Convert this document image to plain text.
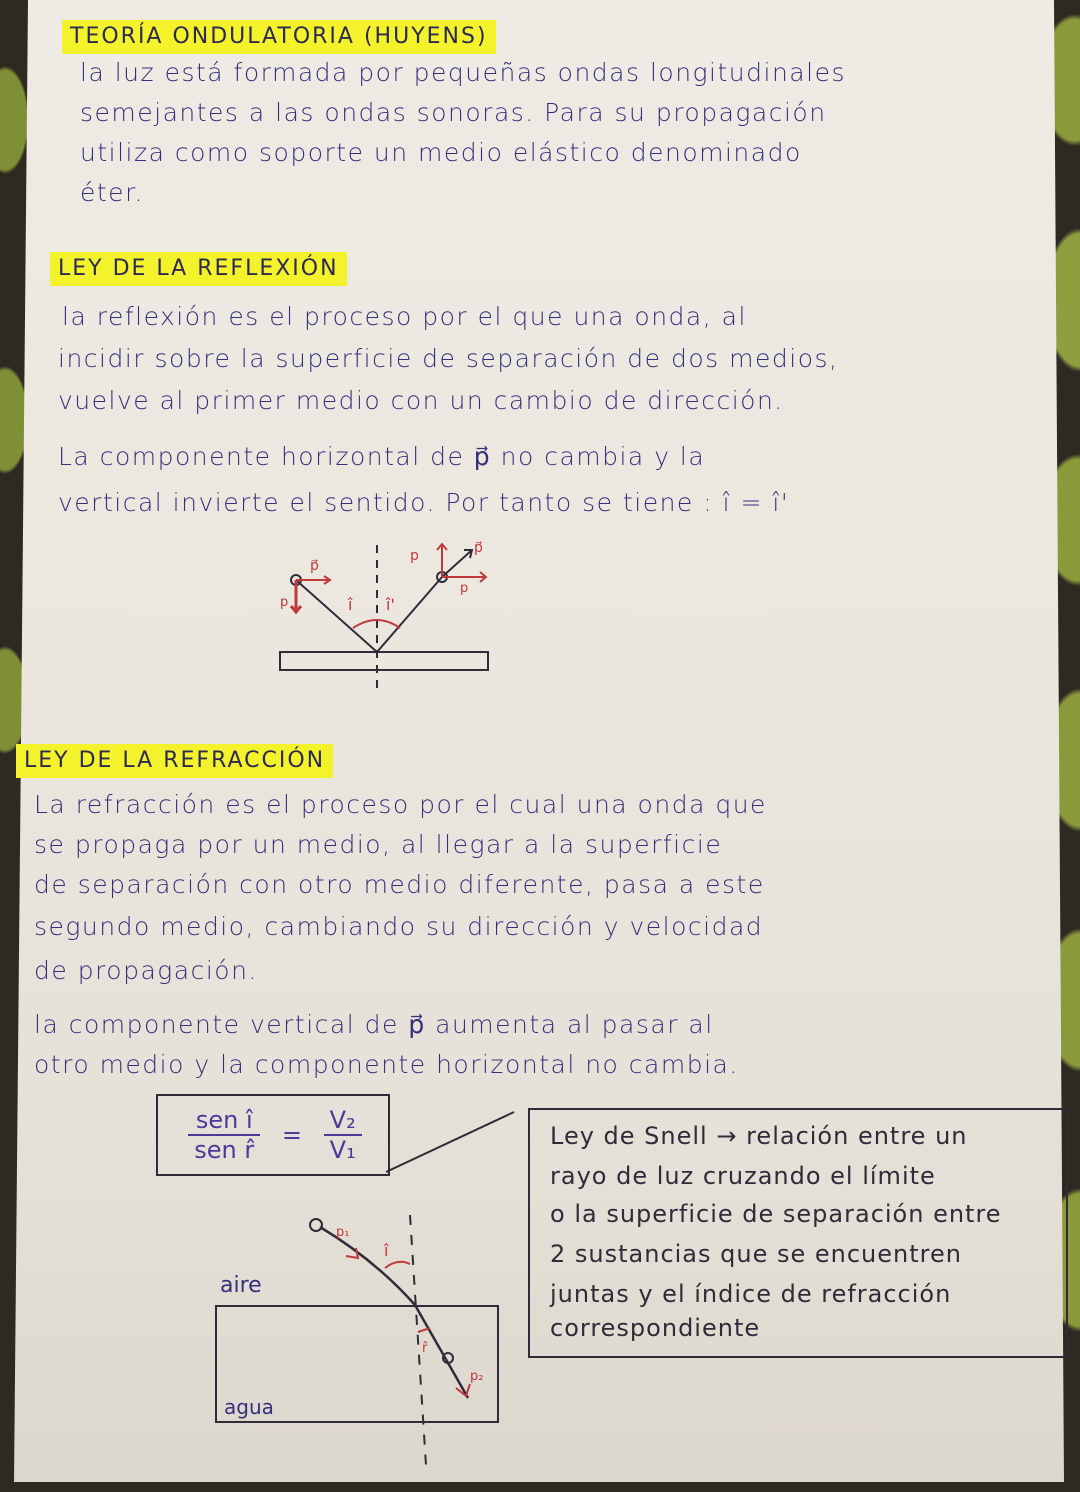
TEORÍA ONDULATORIA (HUYENS)
la luz está formada por pequeñas ondas longitudinales
semejantes a las ondas sonoras. Para su propagación
utiliza como soporte un medio elástico denominado
éter.
LEY DE LA REFLEXIÓN
la reflexión es el proceso por el que una onda, al
incidir sobre la superficie de separación de dos medios,
vuelve al primer medio con un cambio de dirección.
La componente horizontal de p⃗ no cambia y la
vertical invierte el sentido. Por tanto se tiene : î = î'
p⃗
p
p	p⃗
p
î î'
LEY DE LA REFRACCIÓN
La refracción es el proceso por el cual una onda que
se propaga por un medio, al llegar a la superficie
de separación con otro medio diferente, pasa a este
segundo medio, cambiando su dirección y velocidad
de propagación.
la componente vertical de p⃗ aumenta al pasar al
otro medio y la componente horizontal no cambia.
$\frac{\text{sen î}}{\text{sen r̂}} = \frac{\text{V₂}}{\text{V₁}}$	Ley de Snell → relación entre un
rayo de luz cruzando el límite
o la superficie de separación entre
2 sustancias que se encuentren
juntas y el índice de refracción
correspondiente
p₁
p₂
î
r̂
aire
agua
